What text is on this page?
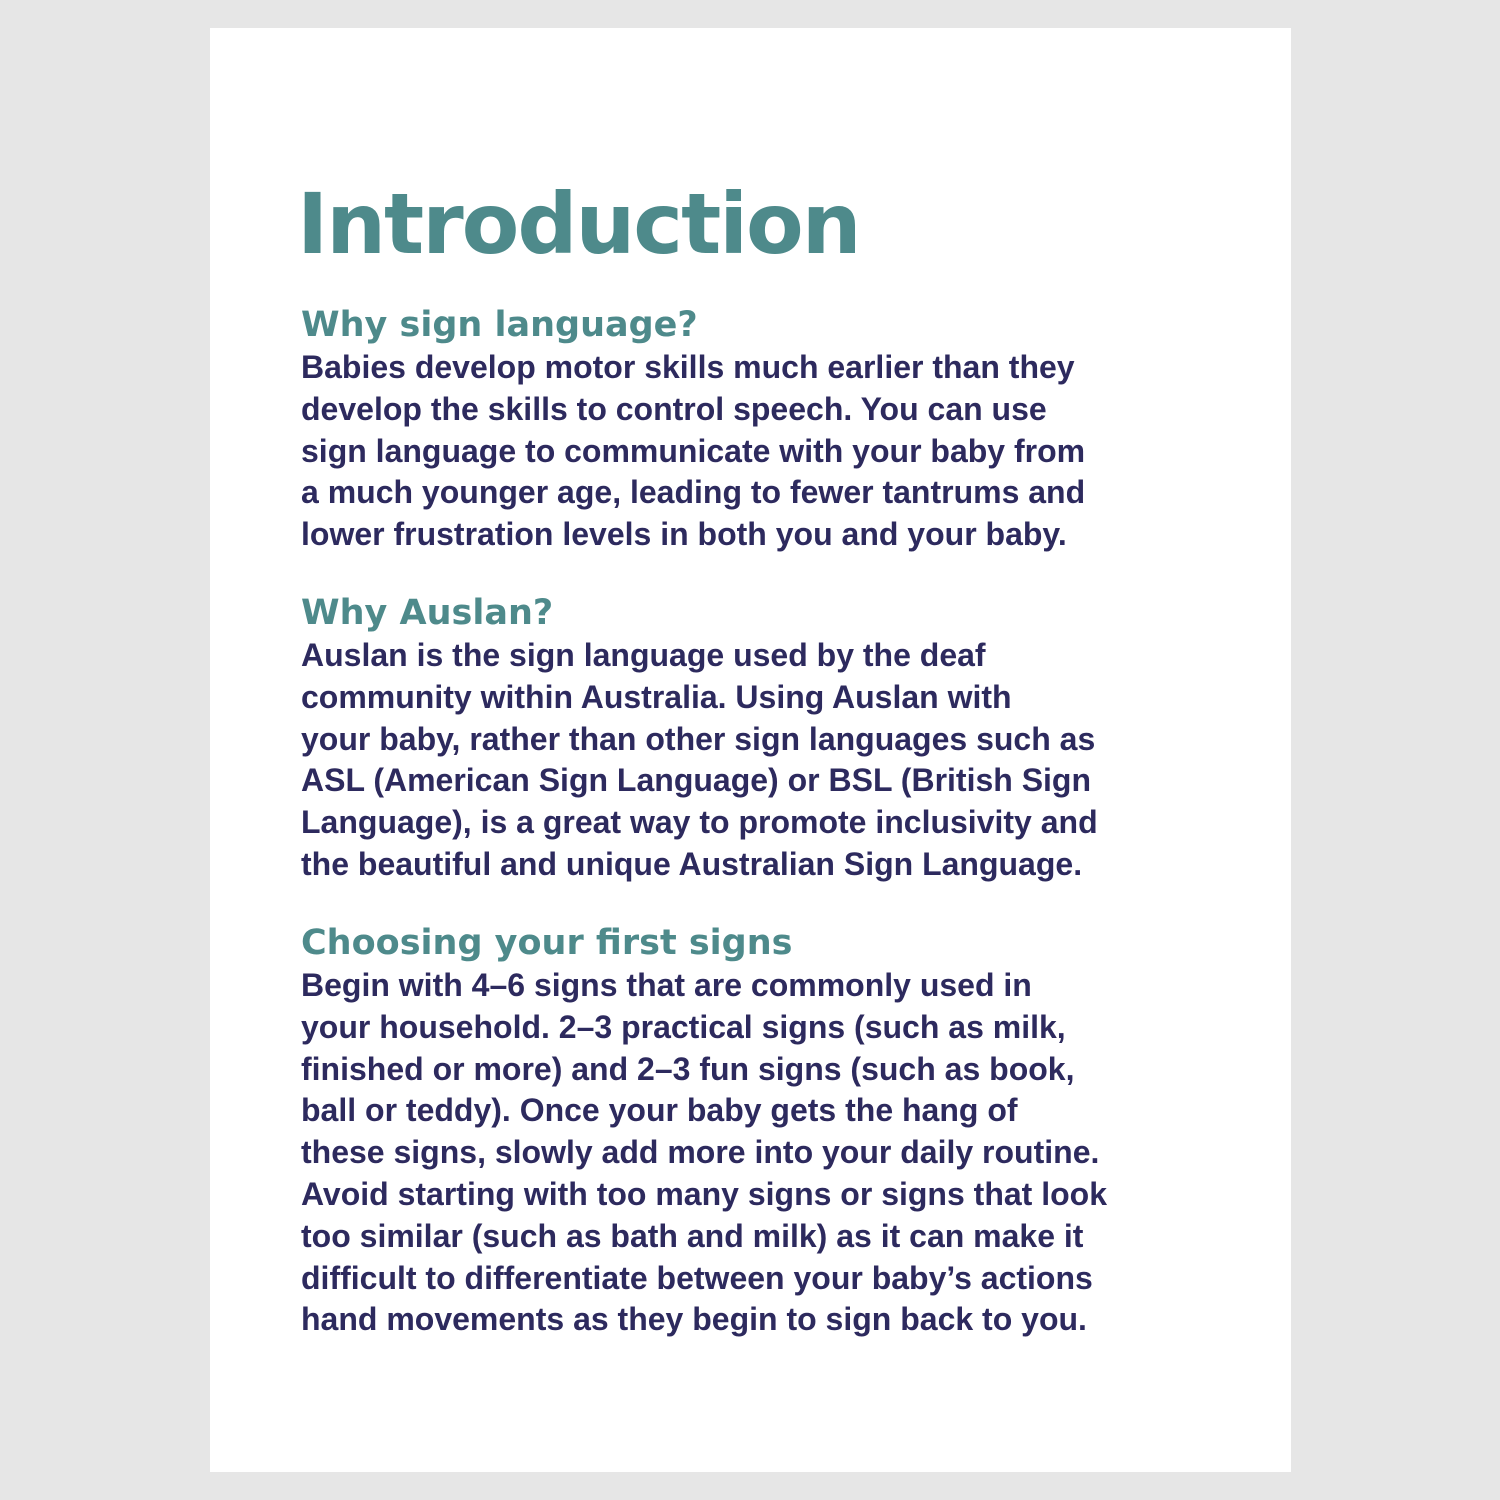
Introduction
Why sign language?

Babies develop motor skills much earlier than they
develop the skills to control speech. You can use
sign language to communicate with your baby from
a much younger age, leading to fewer tantrums and
lower frustration levels in both you and your baby.

Why Auslan?

Auslan is the sign language used by the deaf
community within Australia. Using Auslan with
your baby, rather than other sign languages such as
ASL (American Sign Language) or BSL (British Sign
Language), is a great way to promote inclusivity and
the beautiful and unique Australian Sign Language.

Choosing your first signs

Begin with 4–6 signs that are commonly used in
your household. 2–3 practical signs (such as milk,
finished or more) and 2–3 fun signs (such as book,
ball or teddy). Once your baby gets the hang of
these signs, slowly add more into your daily routine.
Avoid starting with too many signs or signs that look
too similar (such as bath and milk) as it can make it
difficult to differentiate between your baby’s actions
hand movements as they begin to sign back to you.
